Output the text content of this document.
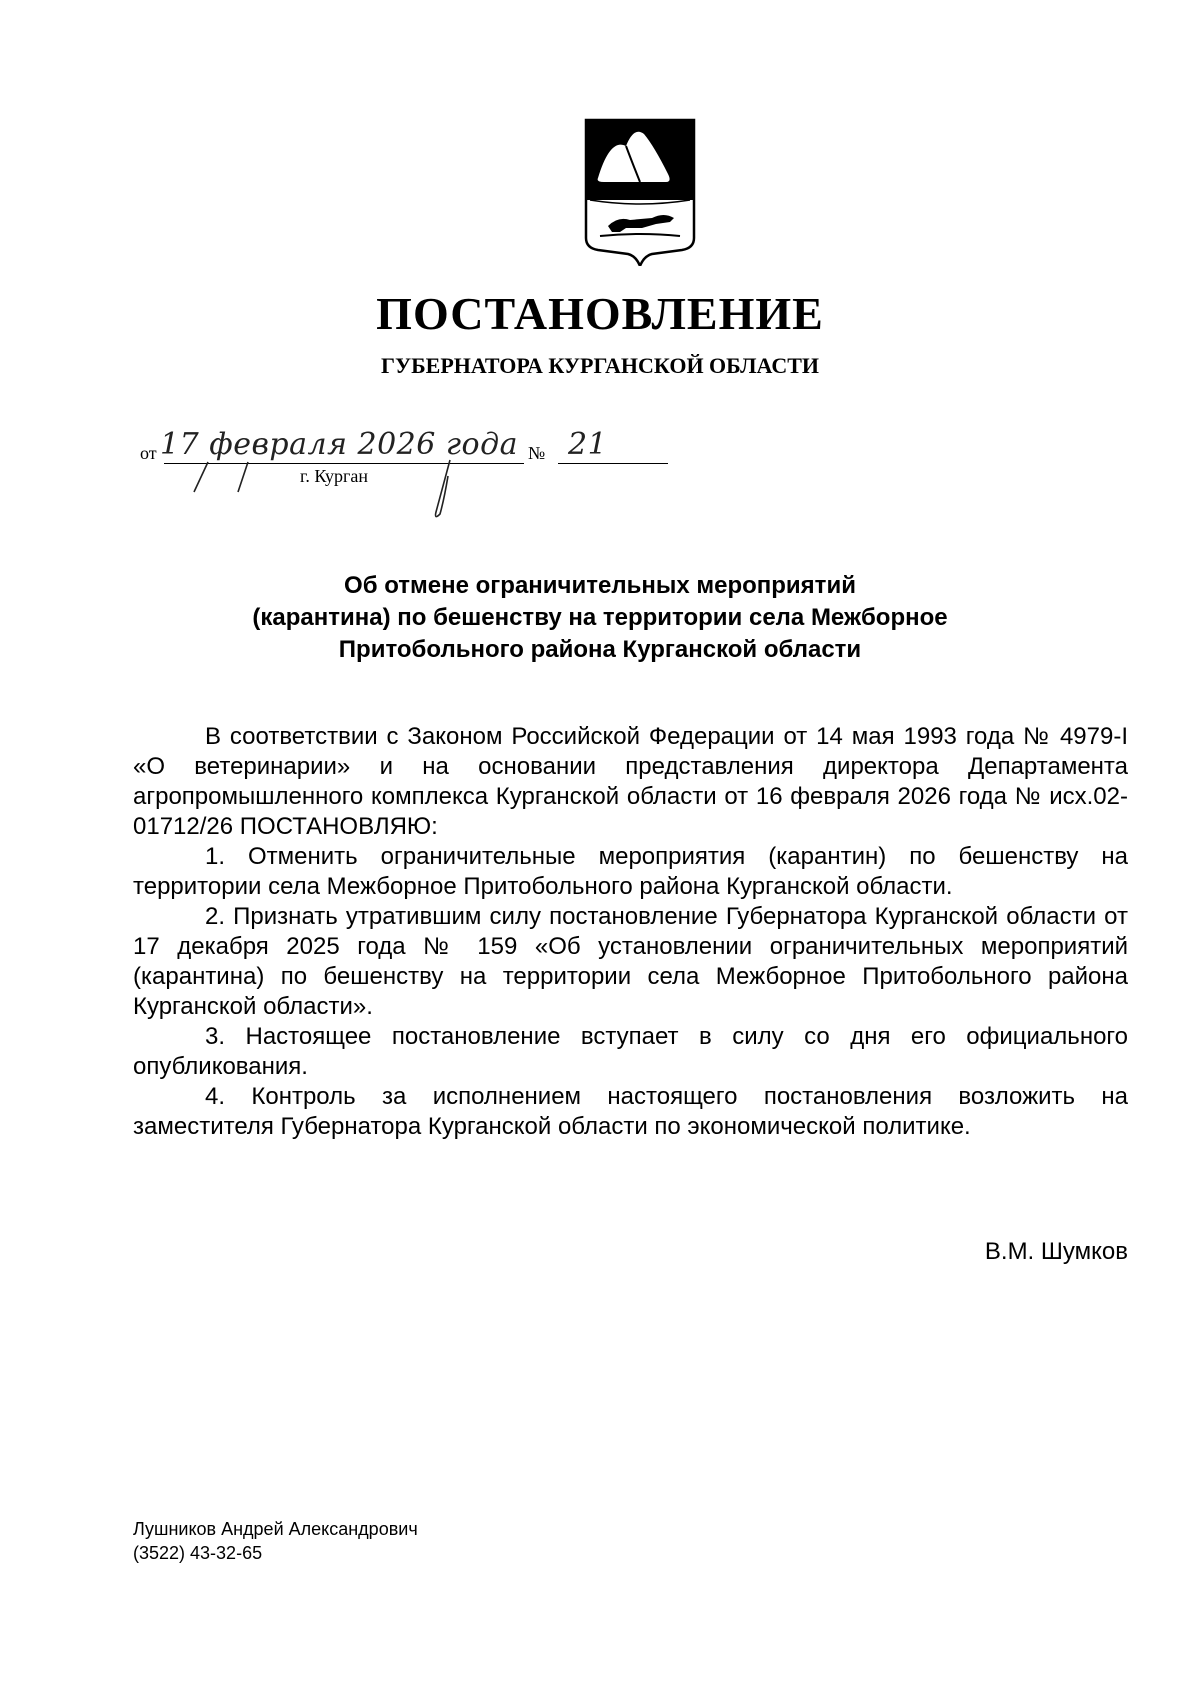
ПОСТАНОВЛЕНИЕ
ГУБЕРНАТОРА КУРГАНСКОЙ ОБЛАСТИ
от 17 февраля 2026 года № 21
г. Курган
Об отмене ограничительных мероприятий
(карантина) по бешенству на территории села Межборное
Притобольного района Курганской области
В соответствии с Законом Российской Федерации от 14 мая 1993 года № 4979-I «О ветеринарии» и на основании представления директора Департамента агропромышленного комплекса Курганской области от 16 февраля 2026 года № исх.02-01712/26 ПОСТАНОВЛЯЮ:
1. Отменить ограничительные мероприятия (карантин) по бешенству на территории села Межборное Притобольного района Курганской области.
2. Признать утратившим силу постановление Губернатора Курганской области от 17 декабря 2025 года № 159 «Об установлении ограничительных мероприятий (карантина) по бешенству на территории села Межборное Притобольного района Курганской области».
3. Настоящее постановление вступает в силу со дня его официального опубликования.
4. Контроль за исполнением настоящего постановления возложить на заместителя Губернатора Курганской области по экономической политике.
В.М. Шумков
Лушников Андрей Александрович
(3522) 43-32-65
